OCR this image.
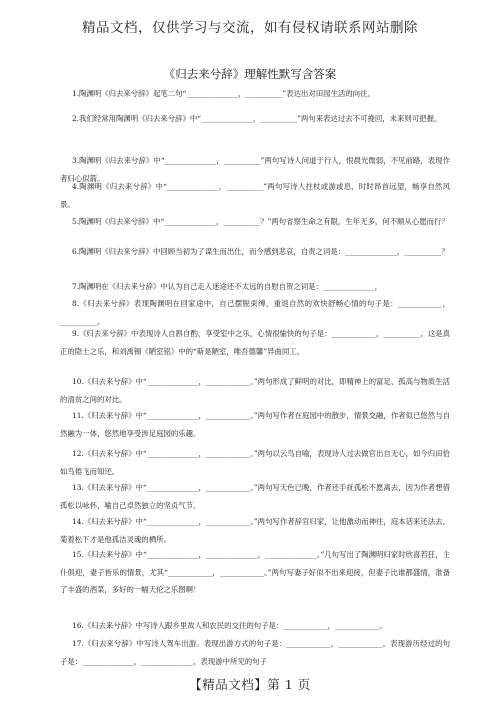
精品文档，仅供学习与交流，如有侵权请联系网站删除
《归去来兮辞》理解性默写含答案
1.陶渊明《归去来兮辞》起笔二句“______________，__________”表达出对田园生活的向往。
2.我们经常用陶渊明《归去来兮辞》中“______________，__________”两句来表达过去不可挽回，未来则可把握。
3.陶渊明《归去来兮辞》中“______________，__________”两句写诗人问道于行人，恨晨光微弱，不见前路，表现作者归心似箭。
4.陶渊明《归去来兮辞》中“______________，__________”两句写诗人拄杖或游或息，时时昂首远望，畅享自然风景。
5.陶渊明《归去来兮辞》中“______________，__________？”两句省察生命之有限，生年无多，何不顺从心愿而行？
6.陶渊明《归去来兮辞》中回顾当初为了谋生而出仕，而今感到悲哀，自责之词是：______________，__________？
7.陶渊明在《归去来兮辞》中认为自己走入迷途还不太远的自慰自贺之词是：______________，
8.《归去来兮辞》表现陶渊明在回家途中，自己摆脱束缚，重返自然的欢快舒畅心情的句子是：____________，__________。
9.《归去来兮辞》中表现诗人自斟自酌，享受室中之乐，心情很愉快的句子是：____________，__________。这是真正的隐士之乐，和刘禹锡《陋室铭》中的“斯是陋室，唯吾德馨”异曲同工。
10.《归去来兮辞》中“______________，____________。”两句形成了鲜明的对比，即精神上的富足、孤高与物质生活的清贫之间的对比。
11.《归去来兮辞》中“______________，____________。”两句写作者在庭园中的散步，情景交融，作者似已悠然与自然融为一体，悠然地享受涉足庭园的乐趣。
12.《归去来兮辞》中“______________，____________。”两句以云鸟自喻，表现诗人过去做官出自无心，如今归田恰如鸟倦飞而知还。
13.《归去来兮辞》中“______________，____________。”两句写天色已晚，作者还手抚孤松不愿离去，因为作者想借孤松以咏怀，喻自己卓然独立的坚贞气节。
14.《归去来兮辞》中“______________，____________。”两句写作者辞官归家，让他激动而神往，庭本话来还法去，菊着松下才是他孤洁灵魂的栖所。
15.《归去来兮辞》中“______________，______________，______________。”几句写出了陶渊明归家时欣喜若狂，主仆俱迎，妻子皆乐的情景，尤其“____________，____________。”两句写妻子好似不出来迎接，但妻子比谁都盛情，准备了丰盛的酒菜，多好的一幅天伦之乐图啊！
16.《归去来兮辞》中写诗人跟乡里故人和农民的交往的句子是：____________，____________。
17.《归去来兮辞》中写诗人驾车出游。表现出游方式的句子是：____________，____________。表现游历经过的句子是：______________，______________。表现游中所见的句子
【精品文档】第 1 页
